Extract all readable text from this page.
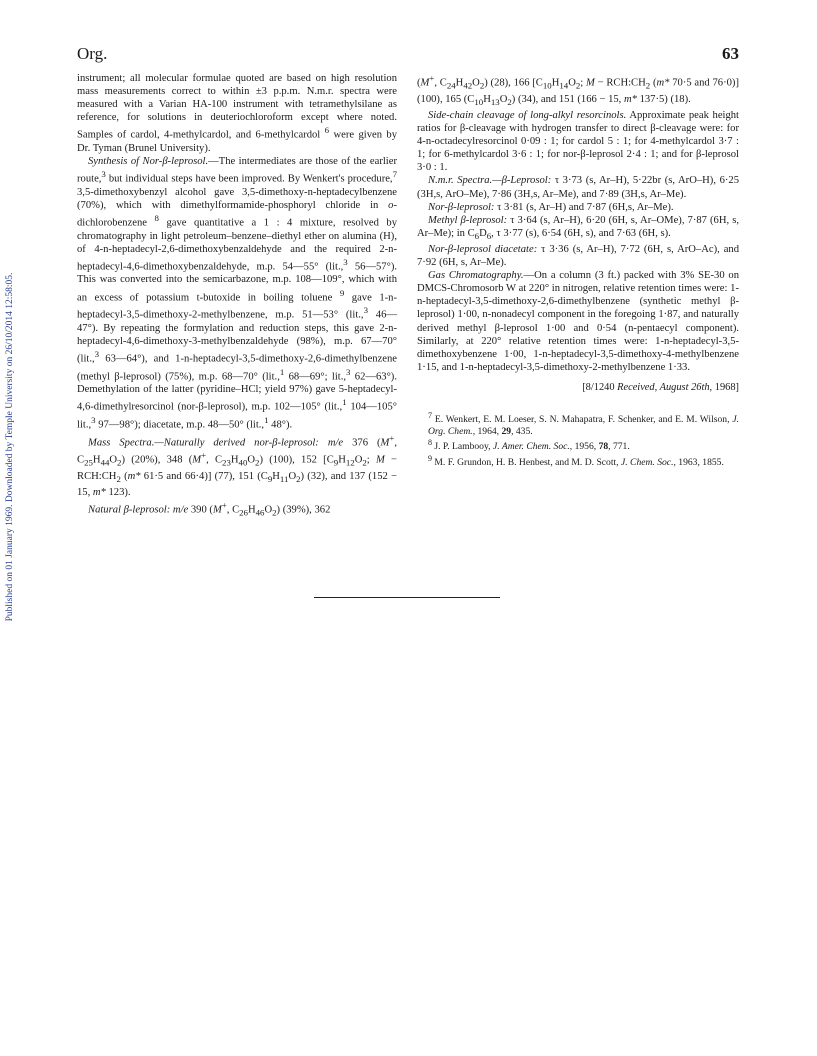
Published on 01 January 1969. Downloaded by Temple University on 26/10/2014 12:58:05.
Org.	63

instrument; all molecular formulae quoted are based on high resolution mass measurements correct to within ±3 p.p.m. N.m.r. spectra were measured with a Varian HA-100 instrument with tetramethylsilane as reference, for solutions in deuteriochloroform except where noted. Samples of cardol, 4-methylcardol, and 6-methylcardol $^6$ were given by Dr. Tyman (Brunel University).

Synthesis of Nor-β-leprosol.—The intermediates are those of the earlier route,$^3$ but individual steps have been improved. By Wenkert's procedure,$^7$ 3,5-dimethoxybenzyl alcohol gave 3,5-dimethoxy-n-heptadecylbenzene (70%), which with dimethylformamide-phosphoryl chloride in o-dichlorobenzene $^8$ gave quantitative a 1 : 4 mixture, resolved by chromatography in light petroleum–benzene–diethyl ether on alumina (H), of 4-n-heptadecyl-2,6-dimethoxybenzaldehyde and the required 2-n-heptadecyl-4,6-dimethoxybenzaldehyde, m.p. 54—55° (lit.,$^3$ 56—57°). This was converted into the semicarbazone, m.p. 108—109°, which with an excess of potassium t-butoxide in boiling toluene $^9$ gave 1-n-heptadecyl-3,5-dimethoxy-2-methylbenzene, m.p. 51—53° (lit.,$^3$ 46—47°). By repeating the formylation and reduction steps, this gave 2-n-heptadecyl-4,6-dimethoxy-3-methylbenzaldehyde (98%), m.p. 67—70° (lit.,$^3$ 63—64°), and 1-n-heptadecyl-3,5-dimethoxy-2,6-dimethylbenzene (methyl β-leprosol) (75%), m.p. 68—70° (lit.,$^1$ 68—69°; lit.,$^3$ 62—63°). Demethylation of the latter (pyridine–HCl; yield 97%) gave 5-heptadecyl-4,6-dimethylresorcinol (nor-β-leprosol), m.p. 102—105° (lit.,$^1$ 104—105° lit.,$^3$ 97—98°); diacetate, m.p. 48—50° (lit.,$^1$ 48°).

Mass Spectra.—Naturally derived nor-β-leprosol: m/e 376 (M+, $C_{25}H_{44}O_2$) (20%), 348 (M+, $C_{23}H_{40}O_2$) (100), 152 [$C_9H_{12}O_2$; $M - RCH:CH_2$ (m* 61·5 and 66·4)] (77), 151 $(C_9H_{11}O_2)$ (32), and 137 (152 − 15, m* 123).

Natural β-leprosol: m/e 390 (M+, $C_{26}H_{46}O_2$) (39%), 362

(M+, $C_{24}H_{42}O_2$) (28), 166 [$C_{10}H_{14}O_2$; $M - RCH:CH_2$ (m* 70·5 and 76·0)] (100), 165 $(C_{10}H_{13}O_2)$ (34), and 151 (166 − 15, m* 137·5) (18).

Side-chain cleavage of long-alkyl resorcinols. Approximate peak height ratios for β-cleavage with hydrogen transfer to direct β-cleavage were: for 4-n-octadecylresorcinol 0·09 : 1; for cardol 5 : 1; for 4-methylcardol 3·7 : 1; for 6-methylcardol 3·6 : 1; for nor-β-leprosol 2·4 : 1; and for β-leprosol 3·0 : 1.

N.m.r. Spectra.—β-Leprosol: τ 3·73 (s, Ar–H), 5·22br (s, ArO–H), 6·25 (3H,s, ArO–Me), 7·86 (3H,s, Ar–Me), and 7·89 (3H,s, Ar–Me).

Nor-β-leprosol: τ 3·81 (s, Ar–H) and 7·87 (6H,s, Ar–Me).

Methyl β-leprosol: τ 3·64 (s, Ar–H), 6·20 (6H, s, Ar–OMe), 7·87 (6H, s, Ar–Me); in $C_6D_6$, τ 3·77 (s), 6·54 (6H, s), and 7·63 (6H, s).

Nor-β-leprosol diacetate: τ 3·36 (s, Ar–H), 7·72 (6H, s, ArO–Ac), and 7·92 (6H, s, Ar–Me).

Gas Chromatography.—On a column (3 ft.) packed with 3% SE-30 on DMCS-Chromosorb W at 220° in nitrogen, relative retention times were: 1-n-heptadecyl-3,5-dimethoxy-2,6-dimethylbenzene (synthetic methyl β-leprosol) 1·00, n-nonadecyl component in the foregoing 1·87, and naturally derived methyl β-leprosol 1·00 and 0·54 (n-pentaecyl component). Similarly, at 220° relative retention times were: 1-n-heptadecyl-3,5-dimethoxybenzene 1·00, 1-n-heptadecyl-3,5-dimethoxy-4-methylbenzene 1·15, and 1-n-heptadecyl-3,5-dimethoxy-2-methylbenzene 1·33.

[8/1240 Received, August 26th, 1968]

$^7$ E. Wenkert, E. M. Loeser, S. N. Mahapatra, F. Schenker, and E. M. Wilson, J. Org. Chem., 1964, 29, 435.

$^8$ J. P. Lambooy, J. Amer. Chem. Soc., 1956, 78, 771.

$^9$ M. F. Grundon, H. B. Henbest, and M. D. Scott, J. Chem. Soc., 1963, 1855.
